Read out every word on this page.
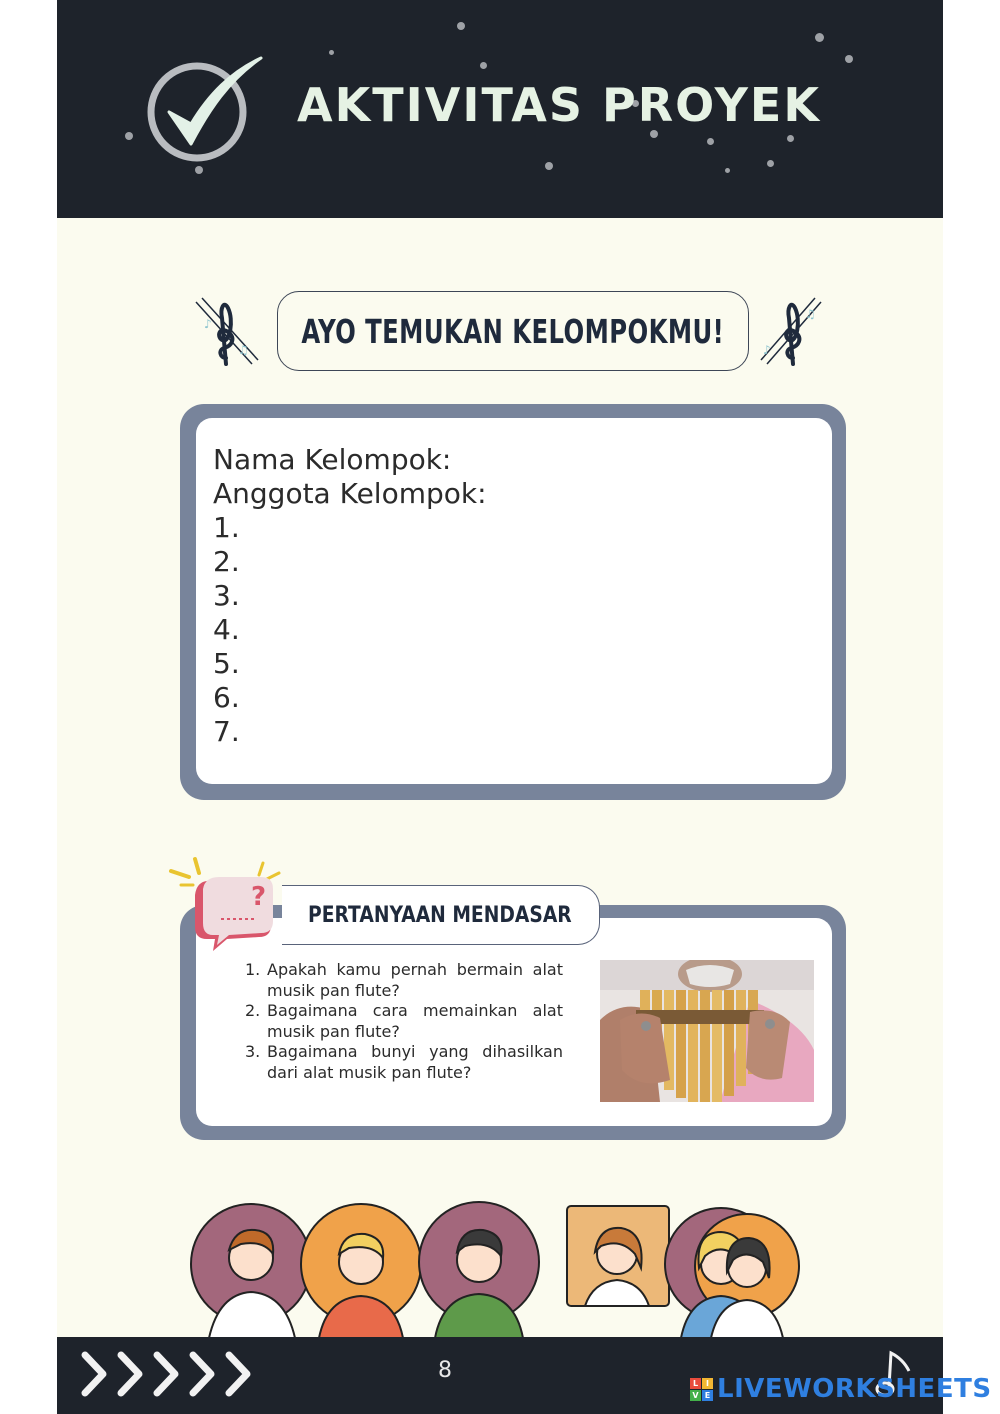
AKTIVITAS PROYEK
♪
♫ AYO TEMUKAN KELOMPOKMU!	♫
♪
Nama Kelompok:
Anggota Kelompok:
1.
2.
3.
4.
5.
6.
7.
PERTANYAAN MENDASAR
?
1. Apakah kamu pernah bermain alat musik pan flute?
2. Bagaimana cara memainkan alat musik pan flute?
3. Bagaimana bunyi yang dihasilkan dari alat musik pan flute?
8	L I
V E LIVEWORKSHEETS
